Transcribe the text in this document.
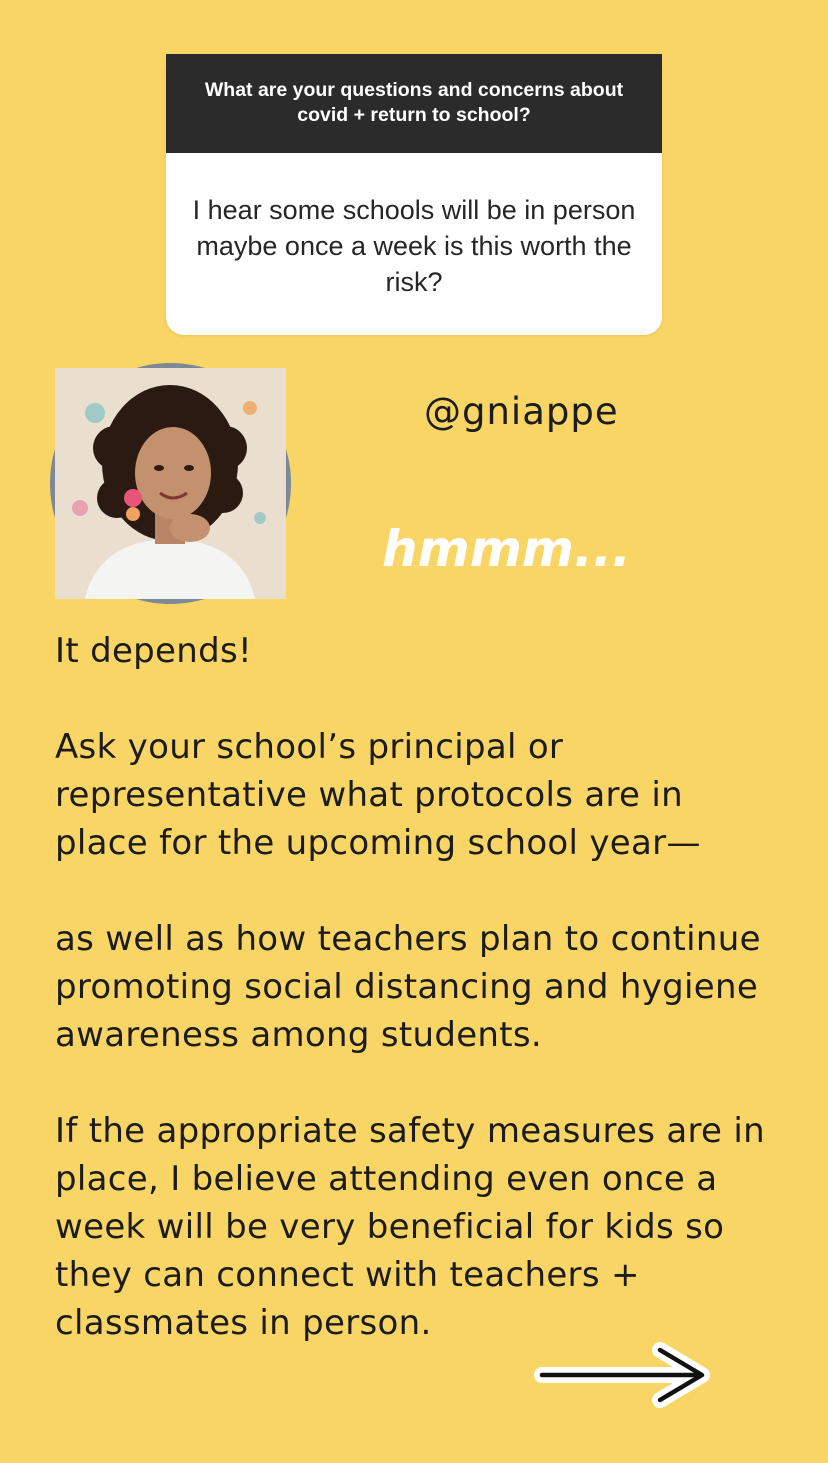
What are your questions and concerns about covid + return to school?
I hear some schools will be in person maybe once a week is this worth the risk?
@gniappe
hmmm...

It depends!

Ask your school’s principal or representative what protocols are in place for the upcoming school year—

as well as how teachers plan to continue promoting social distancing and hygiene awareness among students.

If the appropriate safety measures are in place, I believe attending even once a week will be very beneficial for kids so they can connect with teachers + classmates in person.
